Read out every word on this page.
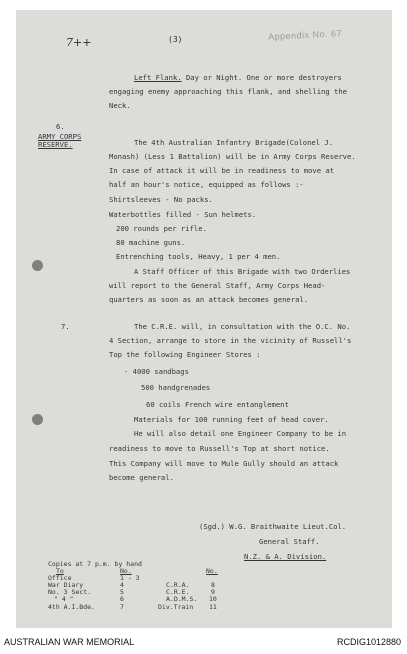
7++	(3)	Appendix No. 67
Left Flank. Day or Night. One or more destroyers
engaging enemy approaching this flank, and shelling the
Neck.
6.
ARMY CORPS
RESERVE.	The 4th Australian Infantry Brigade(Colonel J.
Monash) (Less 1 Battalion) will be in Army Corps Reserve.
In case of attack it will be in readiness to move at
half an hour's notice, equipped as follows :-
Shirtsleeves - No packs.
Waterbottles filled - Sun helmets.
200 rounds per rifle.
80 machine guns.
Entrenching tools, Heavy, 1 per 4 men.
A Staff Officer of this Brigade with two Orderlies
will report to the General Staff, Army Corps Head-
quarters as soon as an attack becomes general.
7.	The C.R.E. will, in consultation with the O.C. No.
4 Section, arrange to store in the vicinity of Russell's
Top the following Engineer Stores :
- 4000 sandbags
500 handgrenades
60 coils French wire entanglement
Materials for 100 running feet of head cover.
He will also detail one Engineer Company to be in
readiness to move to Russell's Top at short notice.
This Company will move to Mule Gully should an attack
become general.
(Sgd.) W.G. Braithwaite Lieut.Col.
General Staff.
N.Z. & A. Division.
Copies at 7 p.m. by hand
To	No.	No.
Office	1 - 3
War Diary	4	C.R.A.	8
No. 3 Sect.	5	C.R.E.	9
" 4 "	6	A.D.M.S. 10
4th A.I.Bde.	7	Div.Train 11
AUSTRALIAN WAR MEMORIAL	RCDIG1012880
